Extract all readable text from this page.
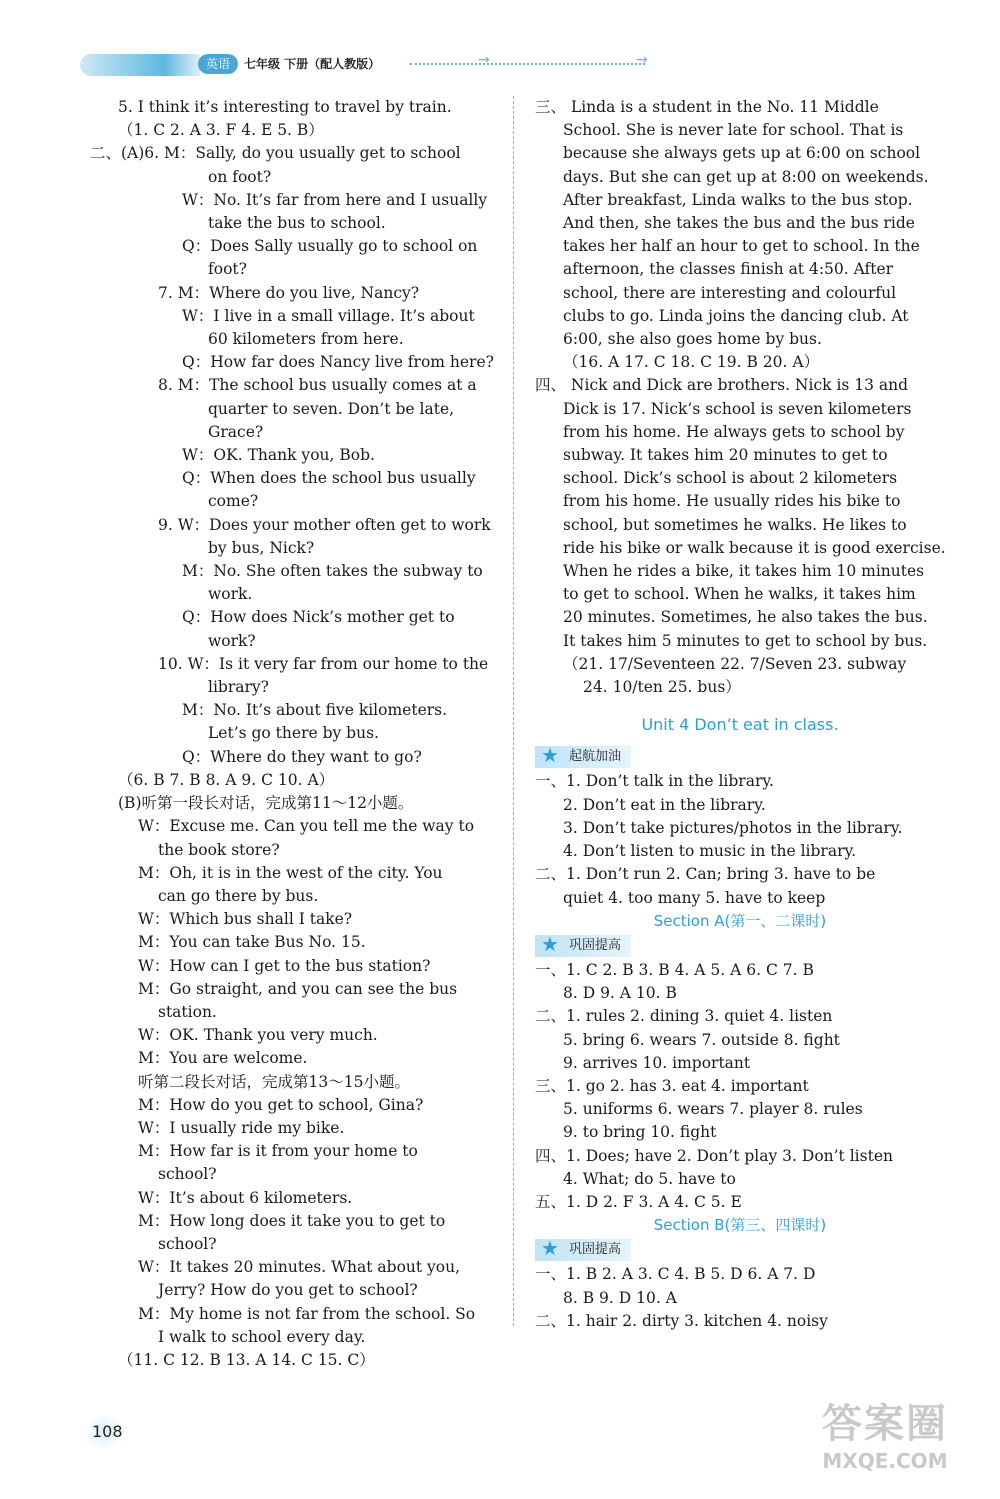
英语	七年级 下册（配人教版）	→	→

5. I think it’s interesting to travel by train.

（1. C 2. A 3. F 4. E 5. B）

二、(A)6. M：Sally, do you usually get to school

on foot?

W：No. It’s far from here and I usually

take the bus to school.

Q：Does Sally usually go to school on

foot?

7. M：Where do you live, Nancy?

W：I live in a small village. It’s about

60 kilometers from here.

Q：How far does Nancy live from here?

8. M：The school bus usually comes at a

quarter to seven. Don’t be late,

Grace?

W：OK. Thank you, Bob.

Q：When does the school bus usually

come?

9. W：Does your mother often get to work

by bus, Nick?

M：No. She often takes the subway to

work.

Q：How does Nick’s mother get to

work?

10. W：Is it very far from our home to the

library?

M：No. It’s about five kilometers.

Let’s go there by bus.

Q：Where do they want to go?

（6. B 7. B 8. A 9. C 10. A）

(B)听第一段长对话，完成第11～12小题。

W：Excuse me. Can you tell me the way to

the book store?

M：Oh, it is in the west of the city. You

can go there by bus.

W：Which bus shall I take?

M：You can take Bus No. 15.

W：How can I get to the bus station?

M：Go straight, and you can see the bus

station.

W：OK. Thank you very much.

M：You are welcome.

听第二段长对话，完成第13～15小题。

M：How do you get to school, Gina?

W：I usually ride my bike.

M：How far is it from your home to

school?

W：It’s about 6 kilometers.

M：How long does it take you to get to

school?

W：It takes 20 minutes. What about you,

Jerry? How do you get to school?

M：My home is not far from the school. So

I walk to school every day.

（11. C 12. B 13. A 14. C 15. C）

三、 Linda is a student in the No. 11 Middle

School. She is never late for school. That is

because she always gets up at 6:00 on school

days. But she can get up at 8:00 on weekends.

After breakfast, Linda walks to the bus stop.

And then, she takes the bus and the bus ride

takes her half an hour to get to school. In the

afternoon, the classes finish at 4:50. After

school, there are interesting and colourful

clubs to go. Linda joins the dancing club. At

6:00, she also goes home by bus.

（16. A 17. C 18. C 19. B 20. A）

四、 Nick and Dick are brothers. Nick is 13 and

Dick is 17. Nick’s school is seven kilometers

from his home. He always gets to school by

subway. It takes him 20 minutes to get to

school. Dick’s school is about 2 kilometers

from his home. He usually rides his bike to

school, but sometimes he walks. He likes to

ride his bike or walk because it is good exercise.

When he rides a bike, it takes him 10 minutes

to get to school. When he walks, it takes him

20 minutes. Sometimes, he also takes the bus.

It takes him 5 minutes to get to school by bus.

（21. 17/Seventeen 22. 7/Seven 23. subway

24. 10/ten 25. bus）

Unit 4 Don’t eat in class.

★ 起航加油

一、1. Don’t talk in the library.

2. Don’t eat in the library.

3. Don’t take pictures/photos in the library.

4. Don’t listen to music in the library.

二、1. Don’t run 2. Can; bring 3. have to be

quiet 4. too many 5. have to keep

Section A(第一、二课时)

★ 巩固提高

一、1. C 2. B 3. B 4. A 5. A 6. C 7. B

8. D 9. A 10. B

二、1. rules 2. dining 3. quiet 4. listen

5. bring 6. wears 7. outside 8. fight

9. arrives 10. important

三、1. go 2. has 3. eat 4. important

5. uniforms 6. wears 7. player 8. rules

9. to bring 10. fight

四、1. Does; have 2. Don’t play 3. Don’t listen

4. What; do 5. have to

五、1. D 2. F 3. A 4. C 5. E

Section B(第三、四课时)

★ 巩固提高

一、1. B 2. A 3. C 4. B 5. D 6. A 7. D

8. B 9. D 10. A

二、1. hair 2. dirty 3. kitchen 4. noisy

108	答案圈
MXQE.COM
